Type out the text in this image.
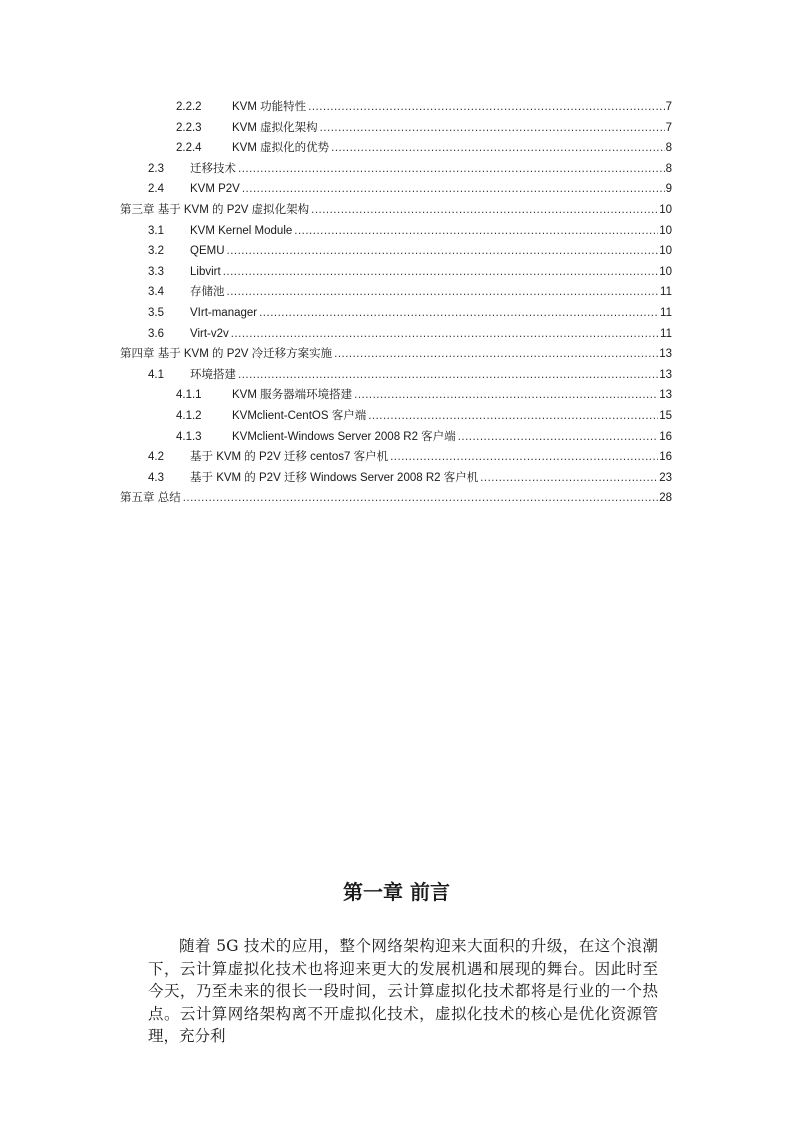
2.2.2	KVM 功能特性 .....	7
2.2.3	KVM 虚拟化架构 .....	7
2.2.4	KVM 虚拟化的优势 .....	8
2.3 迁移技术 .....	8
2.4 KVM P2V .....	9
第三章 基于 KVM 的 P2V 虚拟化架构 .....	10
3.1 KVM Kernel Module .....	10
3.2 QEMU .....	10
3.3 Libvirt .....	10
3.4 存储池 .....	11
3.5 VIrt-manager .....	11
3.6 Virt-v2v .....	11
第四章 基于 KVM 的 P2V 冷迁移方案实施 .....	13
4.1 环境搭建 .....	13
4.1.1	KVM 服务器端环境搭建 .....	13
4.1.2	KVMclient-CentOS 客户端 .....	15
4.1.3	KVMclient-Windows Server 2008 R2 客户端 .....	16
4.2 基于 KVM 的 P2V 迁移 centos7 客户机 .....	16
4.3 基于 KVM 的 P2V 迁移 Windows Server 2008 R2 客户机 .....	23
第五章 总结 .....	28
第一章 前言

随着 5G 技术的应用，整个网络架构迎来大面积的升级，在这个浪潮下，云计算虚拟化技术也将迎来更大的发展机遇和展现的舞台。因此时至今天，乃至未来的很长一段时间，云计算虚拟化技术都将是行业的一个热点。云计算网络架构离不开虚拟化技术，虚拟化技术的核心是优化资源管理，充分利
